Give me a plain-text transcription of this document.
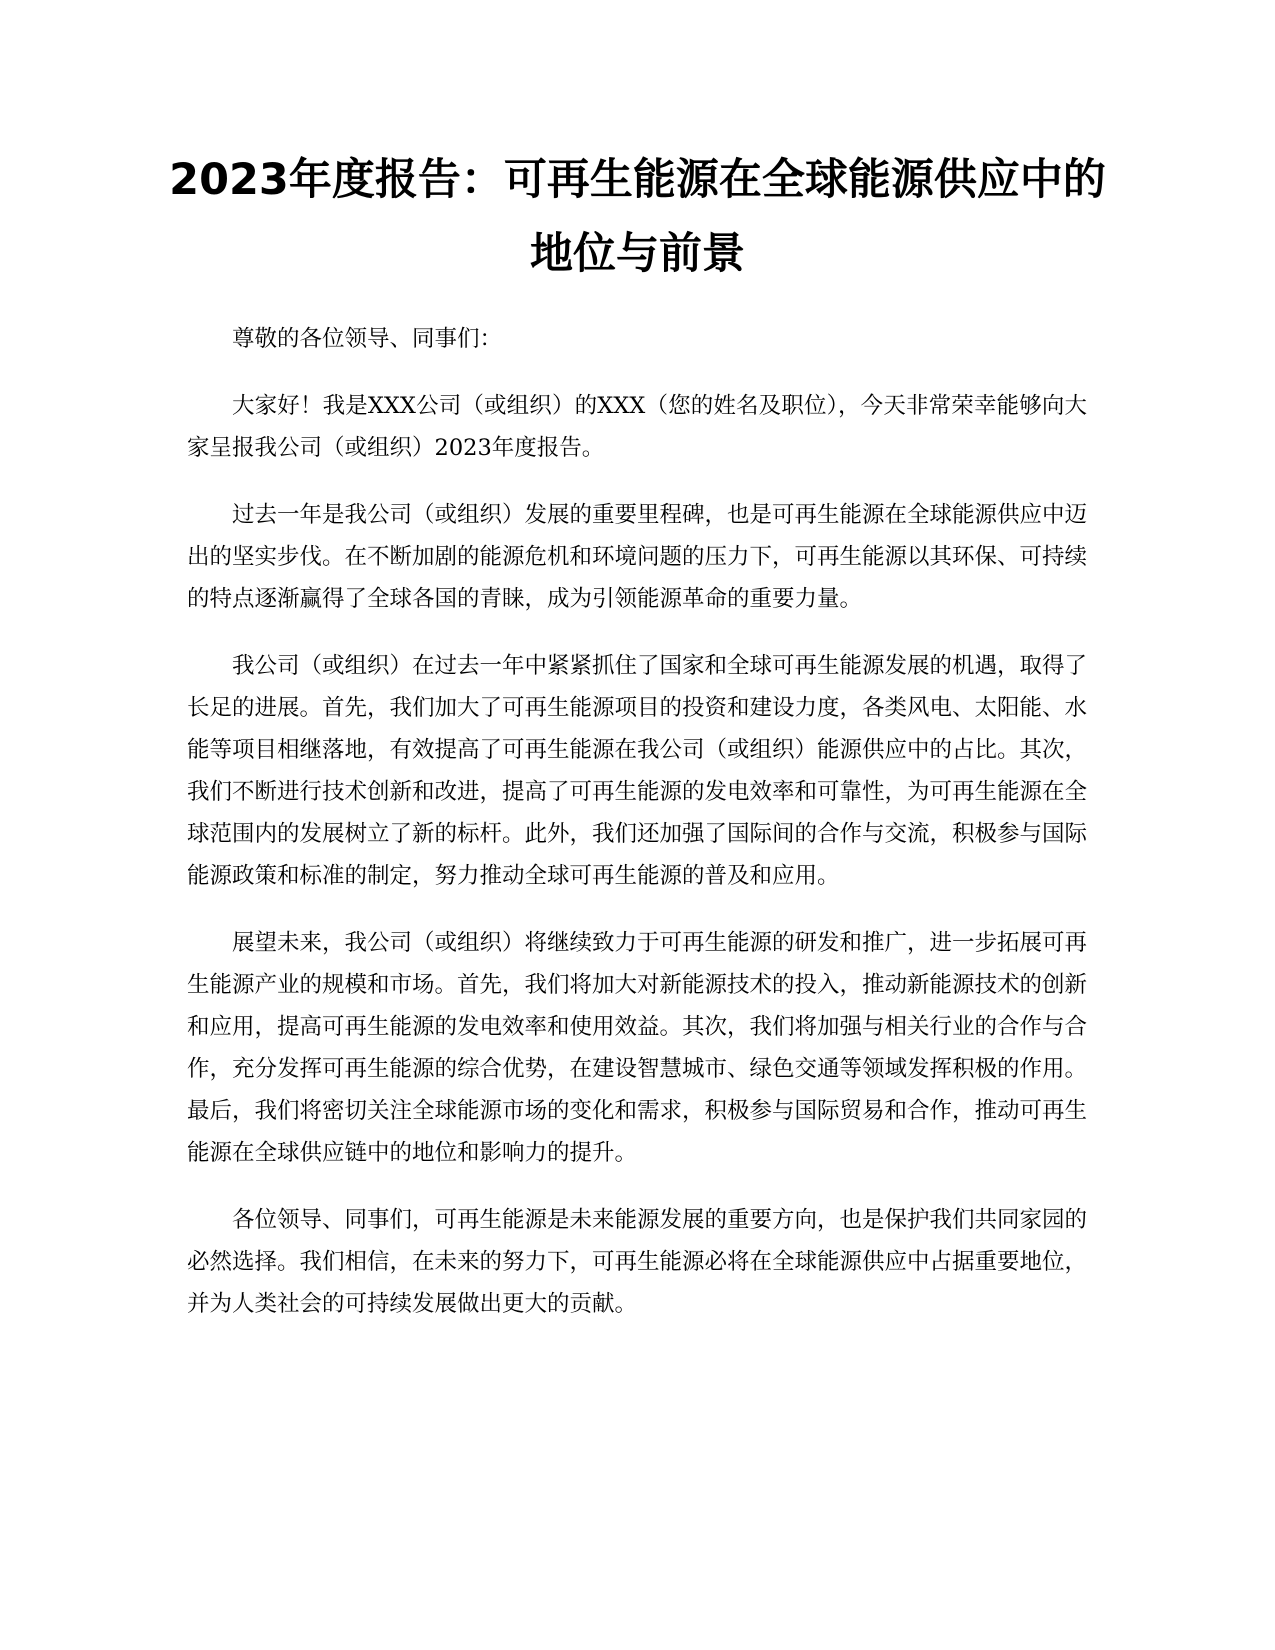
2023年度报告：可再生能源在全球能源供应中的地位与前景

尊敬的各位领导、同事们：

大家好！我是XXX公司（或组织）的XXX（您的姓名及职位），今天非常荣幸能够向大家呈报我公司（或组织）2023年度报告。

过去一年是我公司（或组织）发展的重要里程碑，也是可再生能源在全球能源供应中迈出的坚实步伐。在不断加剧的能源危机和环境问题的压力下，可再生能源以其环保、可持续的特点逐渐赢得了全球各国的青睐，成为引领能源革命的重要力量。

我公司（或组织）在过去一年中紧紧抓住了国家和全球可再生能源发展的机遇，取得了长足的进展。首先，我们加大了可再生能源项目的投资和建设力度，各类风电、太阳能、水能等项目相继落地，有效提高了可再生能源在我公司（或组织）能源供应中的占比。其次，我们不断进行技术创新和改进，提高了可再生能源的发电效率和可靠性，为可再生能源在全球范围内的发展树立了新的标杆。此外，我们还加强了国际间的合作与交流，积极参与国际能源政策和标准的制定，努力推动全球可再生能源的普及和应用。

展望未来，我公司（或组织）将继续致力于可再生能源的研发和推广，进一步拓展可再生能源产业的规模和市场。首先，我们将加大对新能源技术的投入，推动新能源技术的创新和应用，提高可再生能源的发电效率和使用效益。其次，我们将加强与相关行业的合作与合作，充分发挥可再生能源的综合优势，在建设智慧城市、绿色交通等领域发挥积极的作用。最后，我们将密切关注全球能源市场的变化和需求，积极参与国际贸易和合作，推动可再生能源在全球供应链中的地位和影响力的提升。

各位领导、同事们，可再生能源是未来能源发展的重要方向，也是保护我们共同家园的必然选择。我们相信，在未来的努力下，可再生能源必将在全球能源供应中占据重要地位，并为人类社会的可持续发展做出更大的贡献。
